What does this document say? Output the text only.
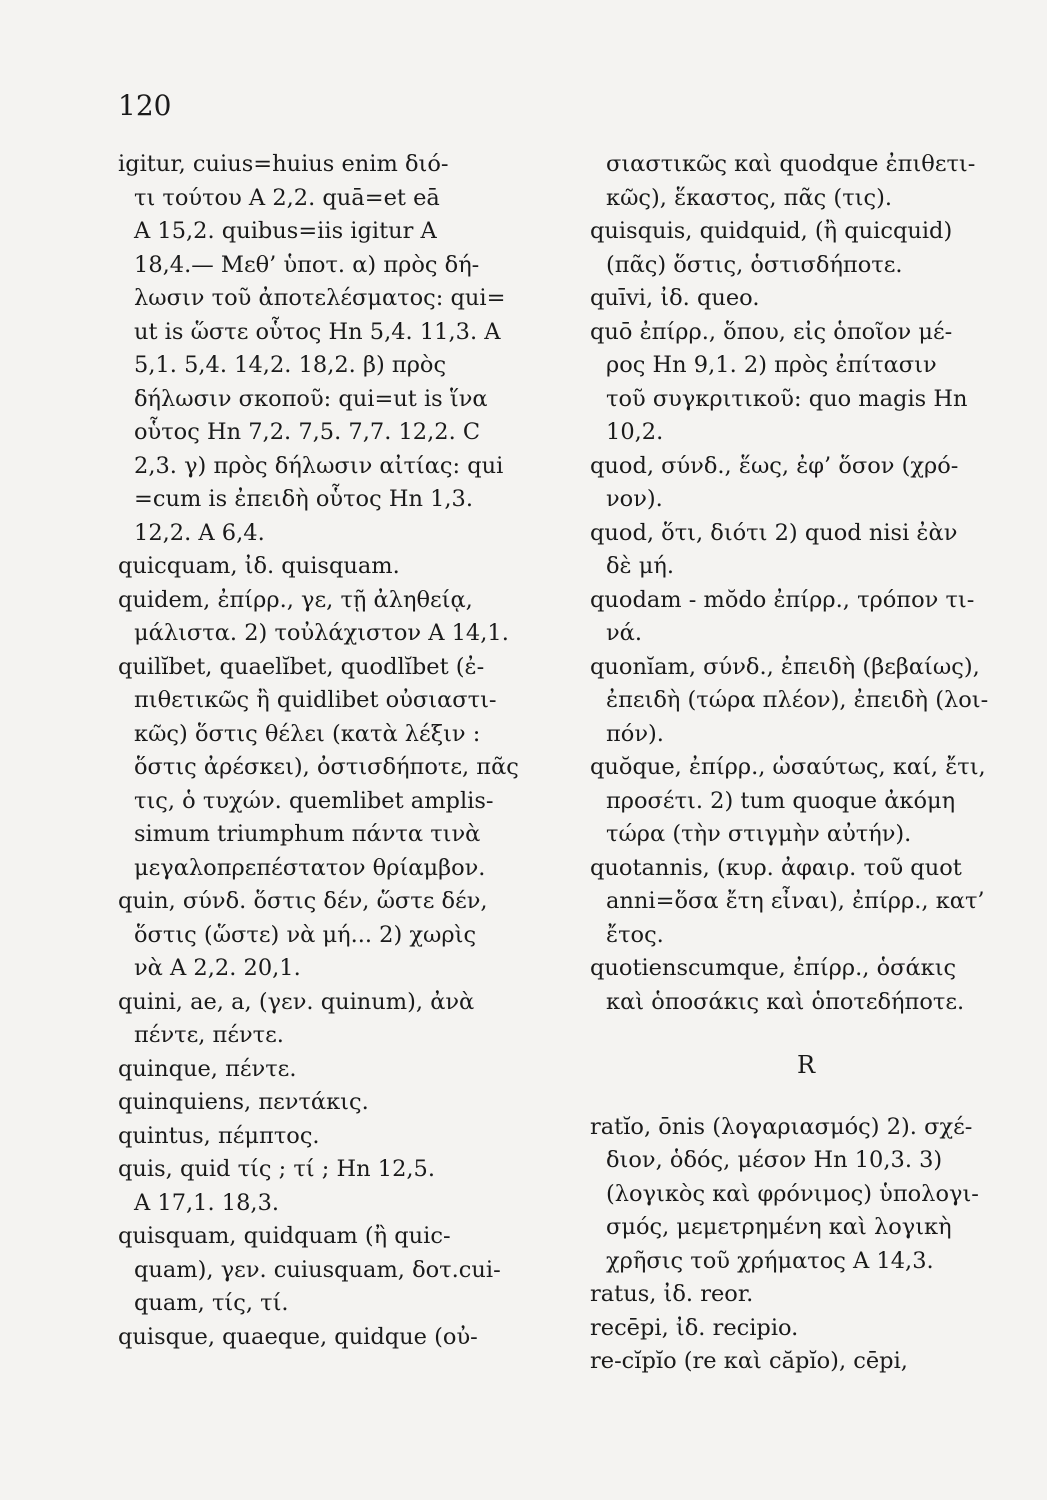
120
igitur, cuius=huius enim διό-
τι τούτου A 2,2. quā=et eā
A 15,2. quibus=iis igitur A
18,4.— Μεθ’ ὑποτ. α) πρὸς δή-
λωσιν τοῦ ἀποτελέσματος: qui=
ut is ὥστε οὗτος Hn 5,4. 11,3. A
5,1. 5,4. 14,2. 18,2. β) πρὸς
δήλωσιν σκοποῦ: qui=ut is ἵνα
οὗτος Hn 7,2. 7,5. 7,7. 12,2. C
2,3. γ) πρὸς δήλωσιν αἰτίας: qui
=cum is ἐπειδὴ οὗτος Hn 1,3.
12,2. A 6,4.
quicquam, ἰδ. quisquam.
quidem, ἐπίρρ., γε, τῇ ἀληθείᾳ,
μάλιστα. 2) τοὐλάχιστον A 14,1.
quilĭbet, quaelĭbet, quodlĭbet (ἐ-
πιθετικῶς ἢ quidlibet οὐσιαστι-
κῶς) ὅστις θέλει (κατὰ λέξιν :
ὅστις ἀρέσκει), ὀστισδήποτε, πᾶς
τις, ὁ τυχών. quemlibet amplis-
simum triumphum πάντα τινὰ
μεγαλοπρεπέστατον θρίαμβον.
quin, σύνδ. ὅστις δέν, ὥστε δέν,
ὅστις (ὥστε) νὰ μή... 2) χωρὶς
νὰ A 2,2. 20,1.
quini, ae, a, (γεν. quinum), ἀνὰ
πέντε, πέντε.
quinque, πέντε.
quinquiens, πεντάκις.
quintus, πέμπτος.
quis, quid τίς ; τί ; Hn 12,5.
A 17,1. 18,3.
quisquam, quidquam (ἢ quic-
quam), γεν. cuiusquam, δοτ.cui-
quam, τίς, τί.
quisque, quaeque, quidque (οὐ-
σιαστικῶς καὶ quodque ἐπιθετι-
κῶς), ἕκαστος, πᾶς (τις).
quisquis, quidquid, (ἢ quicquid)
(πᾶς) ὅστις, ὁστισδήποτε.
quīvi, ἰδ. queo.
quō ἐπίρρ., ὅπου, εἰς ὁποῖον μέ-
ρος Hn 9,1. 2) πρὸς ἐπίτασιν
τοῦ συγκριτικοῦ: quo magis Hn
10,2.
quod, σύνδ., ἕως, ἐφ’ ὅσον (χρό-
νον).
quod, ὅτι, διότι 2) quod nisi ἐὰν
δὲ μή.
quodam - mŏdo ἐπίρρ., τρόπον τι-
νά.
quonĭam, σύνδ., ἐπειδὴ (βεβαίως),
ἐπειδὴ (τώρα πλέον), ἐπειδὴ (λοι-
πόν).
quŏque, ἐπίρρ., ὡσαύτως, καί, ἔτι,
προσέτι. 2) tum quoque ἀκόμη
τώρα (τὴν στιγμὴν αὐτήν).
quotannis, (κυρ. ἀφαιρ. τοῦ quot
anni=ὅσα ἔτη εἶναι), ἐπίρρ., κατ’
ἔτος.
quotienscumque, ἐπίρρ., ὁσάκις
καὶ ὁποσάκις καὶ ὁποτεδήποτε.
R
ratĭo, ōnis (λογαριασμός) 2). σχέ-
διον, ὁδός, μέσον Hn 10,3. 3)
(λογικὸς καὶ φρόνιμος) ὑπολογι-
σμός, μεμετρημένη καὶ λογικὴ
χρῆσις τοῦ χρήματος A 14,3.
ratus, ἰδ. reor.
recēpi, ἰδ. recipio.
re-cĭpĭo (re καὶ căpĭo), cēpi,
